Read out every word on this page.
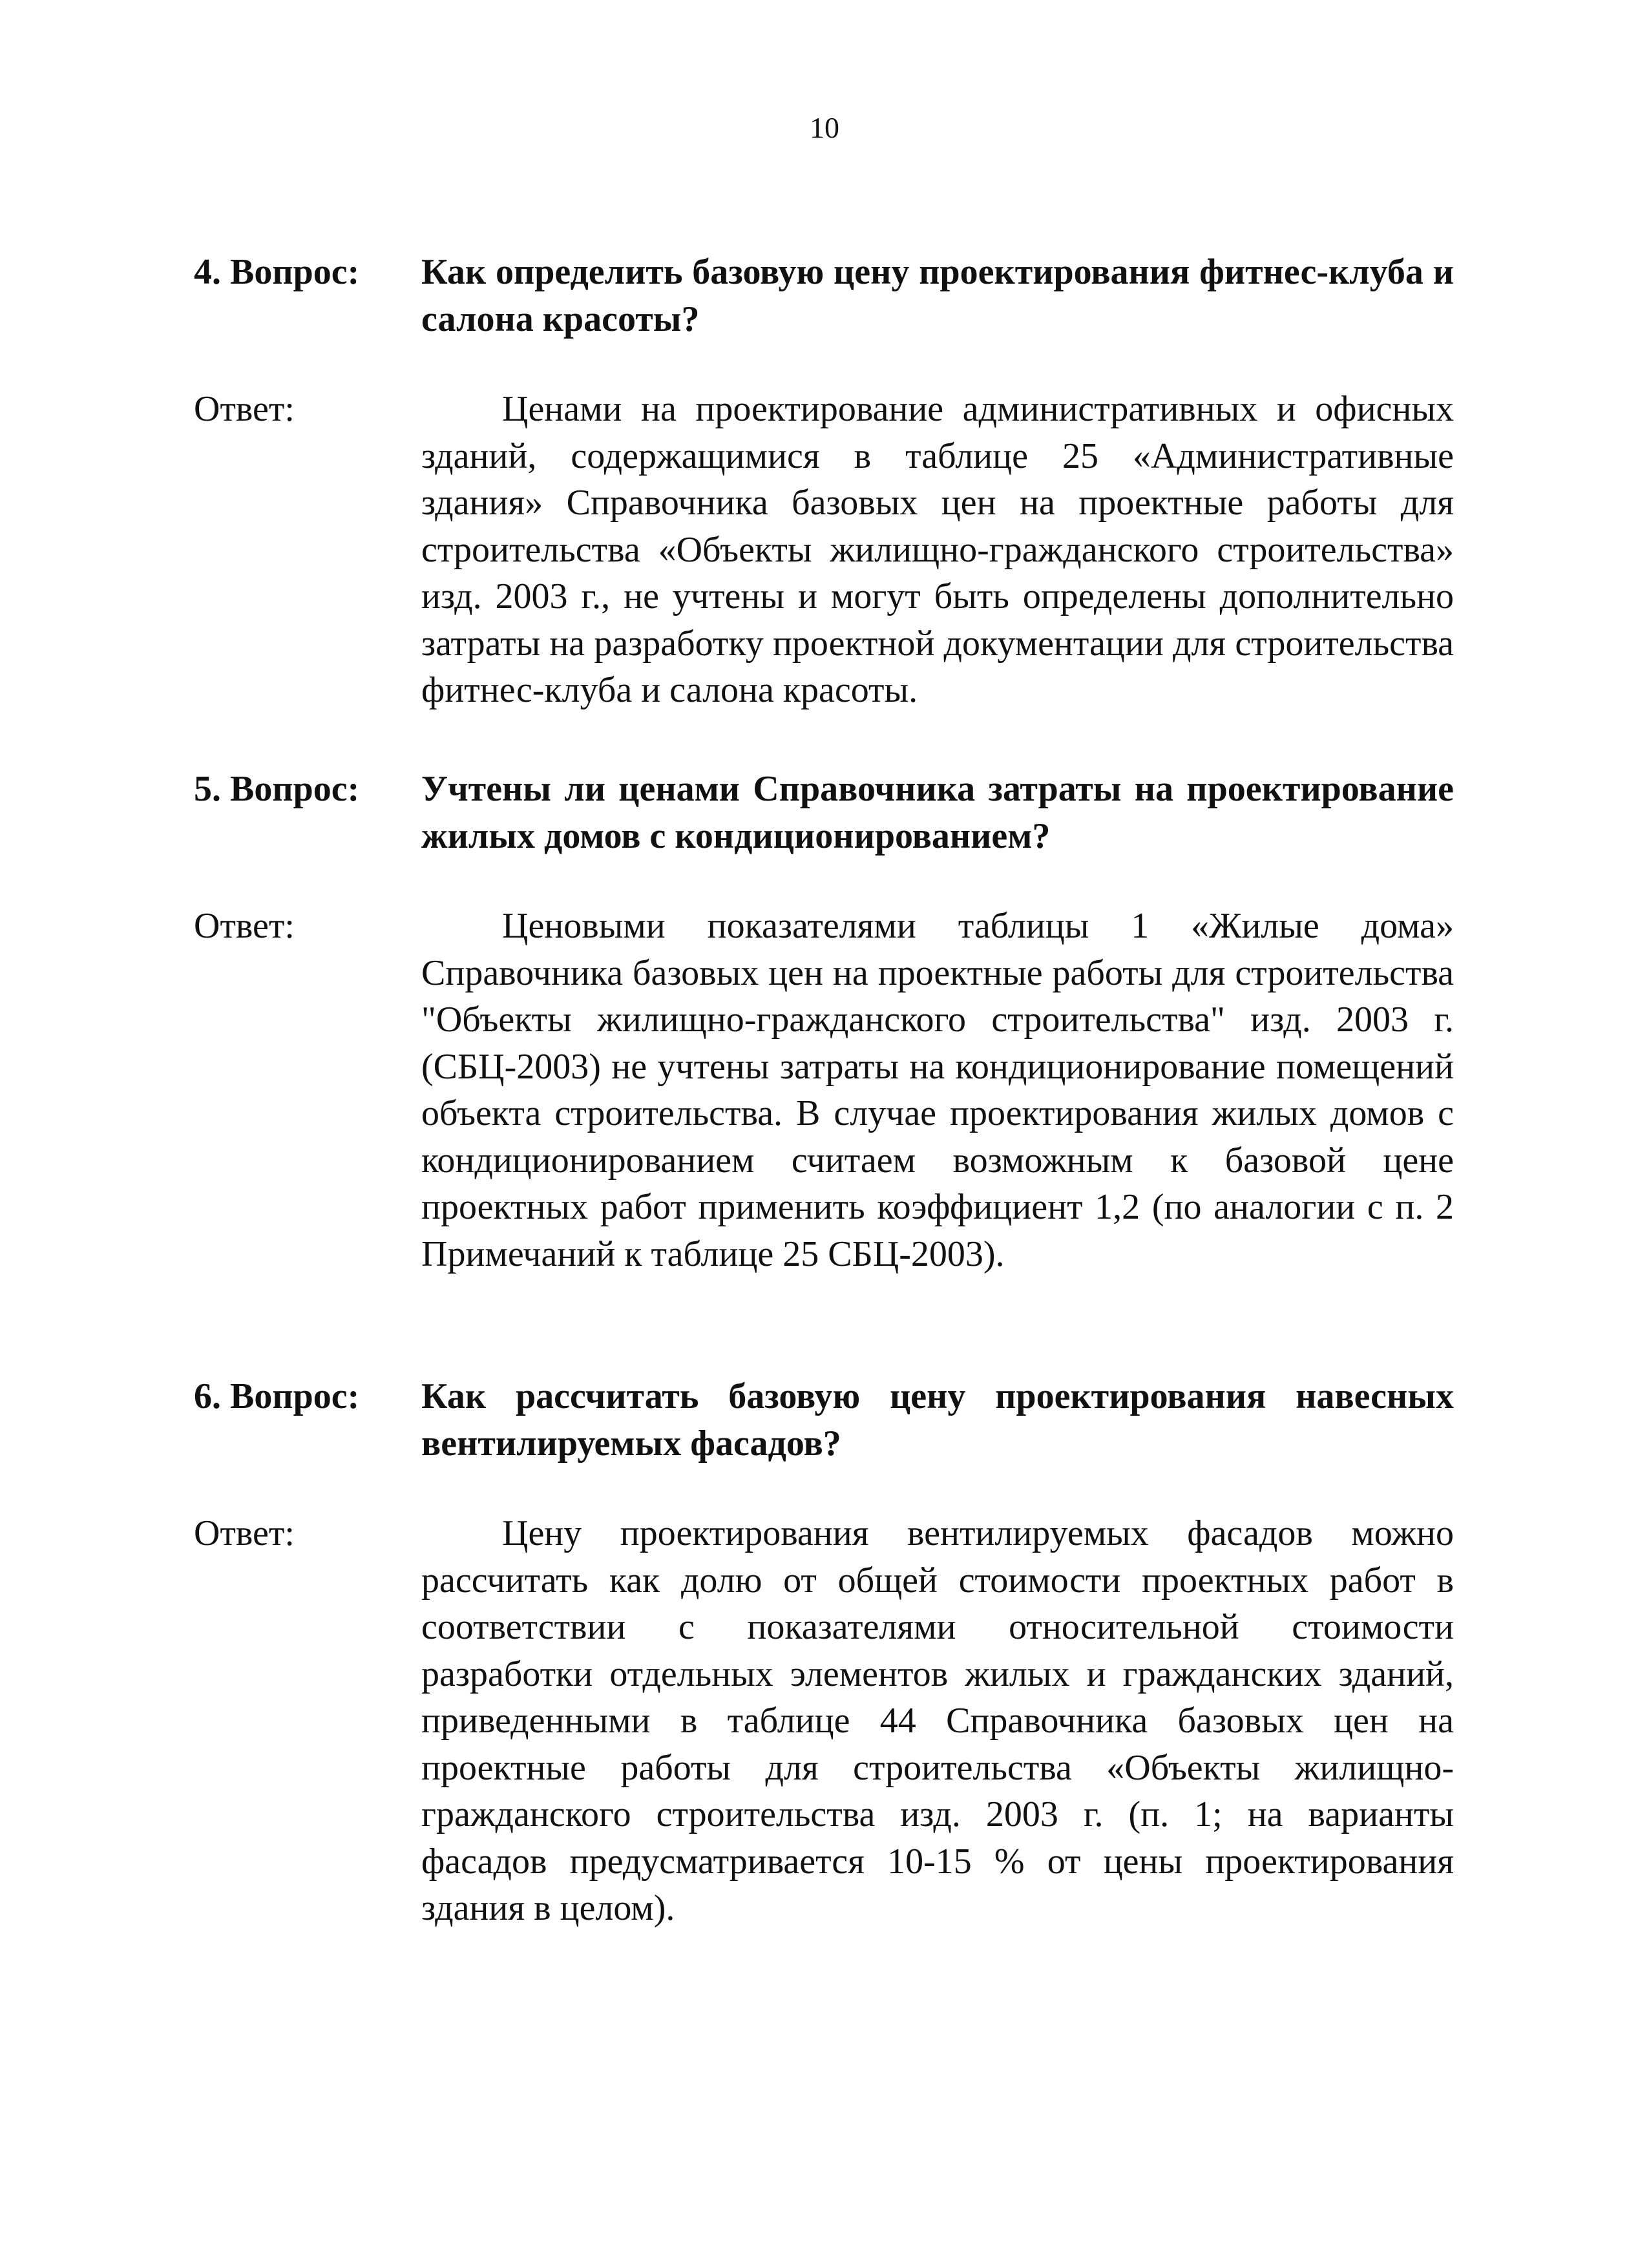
10
4. Вопрос:	Как определить базовую цену проектирования фитнес-клуба и салона красоты?
Ответ:	Ценами на проектирование административных и офисных зданий, содержащимися в таблице 25 «Административные здания» Справочника базовых цен на проектные работы для строительства «Объекты жилищно-гражданского строительства» изд. 2003 г., не учтены и могут быть определены дополнительно затраты на разработку проектной документации для строительства фитнес-клуба и салона красоты.
5. Вопрос:	Учтены ли ценами Справочника затраты на проектирование жилых домов с кондиционированием?
Ответ:	Ценовыми показателями таблицы 1 «Жилые дома» Справочника базовых цен на проектные работы для строительства "Объекты жилищно-гражданского строительства" изд. 2003 г. (СБЦ-2003) не учтены затраты на кондиционирование помещений объекта строительства. В случае проектирования жилых домов с кондиционированием считаем возможным к базовой цене проектных работ применить коэффициент 1,2 (по аналогии с п. 2 Примечаний к таблице 25 СБЦ-2003).
6. Вопрос:	Как рассчитать базовую цену проектирования навесных вентилируемых фасадов?
Ответ:	Цену проектирования вентилируемых фасадов можно рассчитать как долю от общей стоимости проектных работ в соответствии с показателями относительной стоимости разработки отдельных элементов жилых и гражданских зданий, приведенными в таблице 44 Справочника базовых цен на проектные работы для строительства «Объекты жилищно-гражданского строительства изд. 2003 г. (п. 1; на варианты фасадов предусматривается 10-15 % от цены проектирования здания в целом).
